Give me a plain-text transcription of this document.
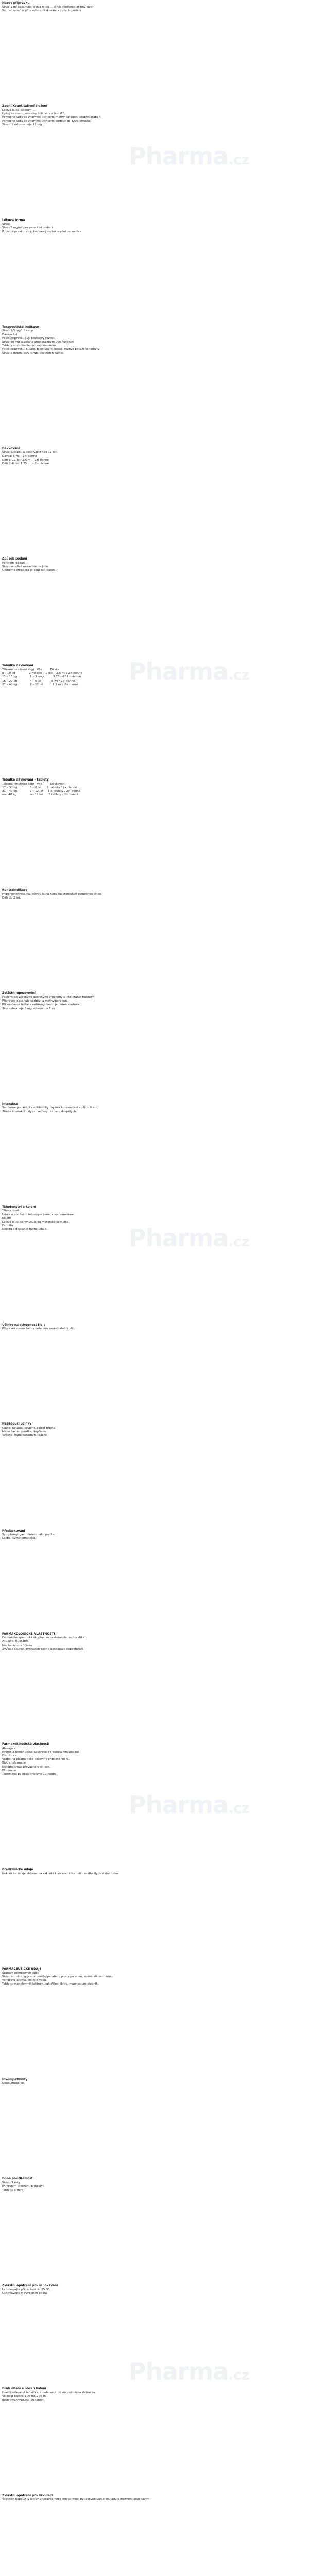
Pharma.cz
Pharma.cz
Pharma.cz
Pharma.cz
Pharma.cz
Název přípravku
Sirup 1 ml obsahuje: léčivá látka ... (lines rendered at tiny size)
Souhrn údajů o přípravku – dávkování a způsob podání
Zadní/Kvantitativní složení
Léčivá látka: sodium ...
Úplný seznam pomocných látek viz bod 6.1.
Pomocné látky se známým účinkem: methylparaben, propylparaben.
Pomocné látky se známým účinkem: sorbitol (E 420), ethanol.
Sirup: 1 ml obsahuje 12 mg ...
Léková forma
Sirup.
Sirup 5 mg/ml pro perorální podání.
Popis přípravku: čirý, bezbarvý roztok s vůní po vanilce.
Terapeutické indikace
Sirup 1,5 mg/ml sirup
Dávkování
Popis přípravku (1): bezbarvý roztok.
Sirup 50 mg tablety s prodlouženým uvolňováním
Tablety s prodlouženým uvolňováním
Popis přípravku: kulaté, bikonvexní, lesklé, růžově potažené tablety.
Sirup 5 mg/ml: čirý sirup, bez cizích částic.
Dávkování
Sirup: Dospělí a dospívající nad 12 let:
Dávka: 5 ml – 2× denně
Děti 6–12 let: 2,5 ml – 2× denně
Děti 2–6 let: 1,25 ml – 2× denně
Způsob podání
Perorální podání.
Sirup se užívá nezávisle na jídle.
Odměrná stříkačka je součástí balení.
Tabulka dávkování
Tělesná hmotnost (kg)   Věk         Dávka
8 – 10 kg               2 měsíce – 1 rok    2,5 ml / 2× denně
11 – 15 kg              1 – 3 roky          3,75 ml / 2× denně
16 – 20 kg              4 – 6 let           5 ml / 2× denně
21 – 40 kg              7 – 12 let          7,5 ml / 2× denně
Tabulka dávkování – tablety
Tělesná hmotnost (kg)   Věk         Dávkování
17 – 30 kg              5 – 8 let      1 tableta / 2× denně
31 – 40 kg              9 – 12 let     1,5 tablety / 2× denně
nad 40 kg               od 12 let      2 tablety / 2× denně
Kontraindikace
Hypersenzitivita na léčivou látku nebo na kteroukoli pomocnou látku.
Děti do 2 let.
Zvláštní upozornění
Pacienti se vzácnými dědičnými problémy s intolerancí fruktózy.
Přípravek obsahuje sorbitol a methylparaben.
Při současné léčbě s antikoagulancii je nutná kontrola.
Sirup obsahuje 5 mg ethanolu v 1 ml.
Interakce
Současné podávání s antibiotiky zvyšuje koncentraci v plicní tkáni.
Studie interakcí byly provedeny pouze u dospělých.
Těhotenství a kojení
Těhotenství
Údaje o podávání těhotným ženám jsou omezené.
Kojení
Léčivá látka se vylučuje do mateřského mléka.
Fertilita
Nejsou k dispozici žádné údaje.
Účinky na schopnost řídit
Přípravek nemá žádný nebo má zanedbatelný vliv.
Nežádoucí účinky
Časté: nauzea, průjem, bolest břicha.
Méně časté: vyrážka, kopřivka.
Vzácné: hypersenzitivní reakce.
Předávkování
Symptomy: gastrointestinální potíže.
Léčba: symptomatická.
FARMAKOLOGICKÉ VLASTNOSTI
Farmakoterapeutická skupina: expektorancia, mukolytika
ATC kód: R05CB06
Mechanismus účinku
Zvyšuje sekreci dýchacích cest a usnadňuje expektoraci.
Farmakokinetické vlastnosti
Absorpce
Rychlá a téměř úplná absorpce po perorálním podání.
Distribuce
Vazba na plazmatické bílkoviny přibližně 90 %.
Biotransformace
Metabolismus převážně v játrech.
Eliminace
Terminální poločas přibližně 10 hodin.
Předklinické údaje
Neklinické údaje získané na základě konvenčních studií neodhalily zvláštní riziko.
FARMACEUTICKÉ ÚDAJE
Seznam pomocných látek
Sirup: sorbitol, glycerol, methylparaben, propylparaben, sodná sůl sacharinu,
vanilkové aroma, čištěná voda.
Tablety: monohydrát laktózy, kukuřičný škrob, magnesium-stearát.
Inkompatibility
Neuplatňuje se.
Doba použitelnosti
Sirup: 3 roky.
Po prvním otevření: 6 měsíců.
Tablety: 3 roky.
Zvláštní opatření pro uchovávání
Uchovávejte při teplotě do 25 °C.
Uchovávejte v původním obalu.
Druh obalu a obsah balení
Hnědá skleněná lahvička, šroubovací uzávěr, odměrná stříkačka.
Velikost balení: 100 ml, 200 ml.
Blistr PVC/PVDC/Al, 20 tablet.
Zvláštní opatření pro likvidaci
Všechen nepoužitý léčivý přípravek nebo odpad musí být zlikvidován v souladu s místními požadavky.
